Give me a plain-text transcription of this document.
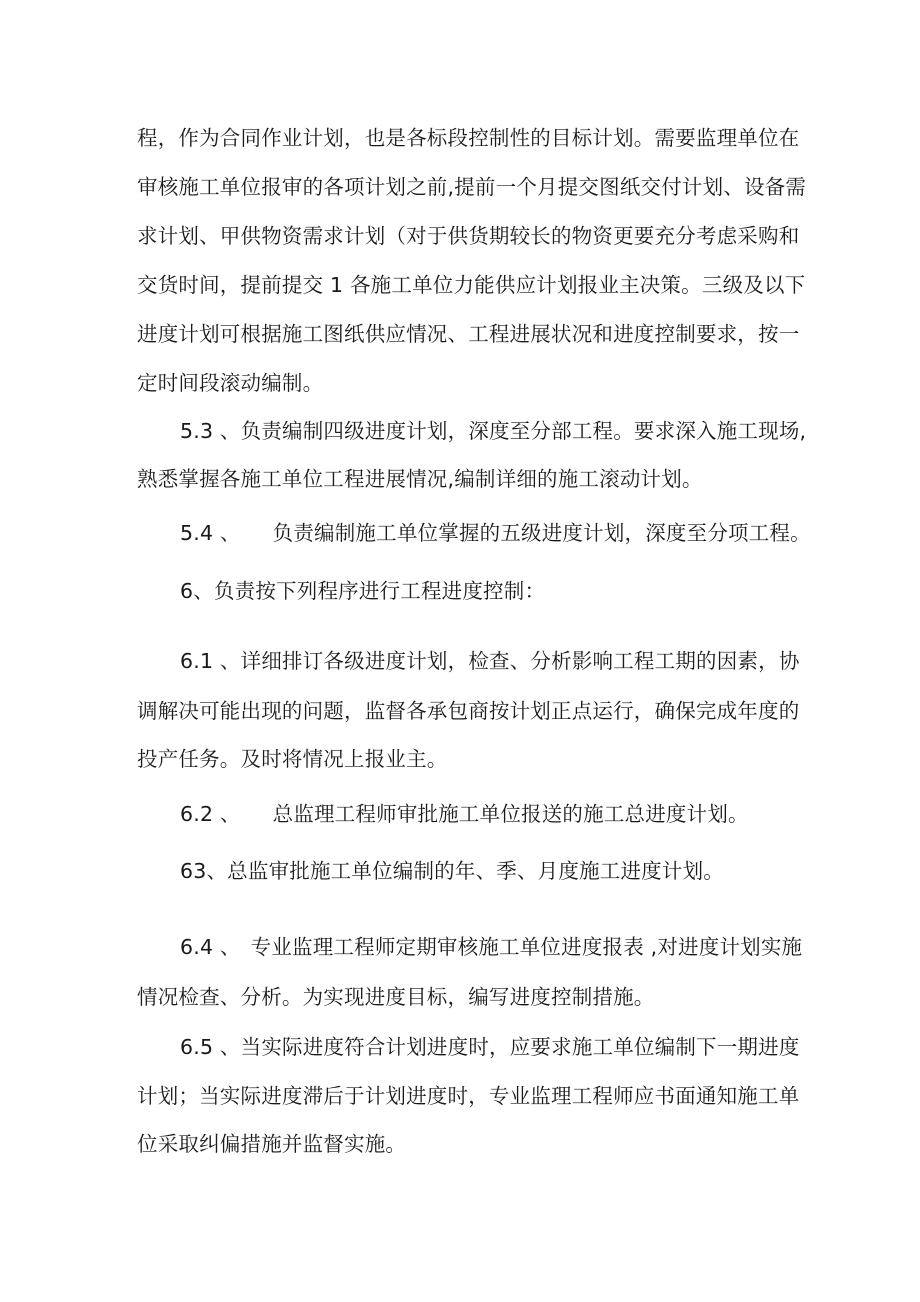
程，作为合同作业计划，也是各标段控制性的目标计划。需要监理单位在
审核施工单位报审的各项计划之前,提前一个月提交图纸交付计划、设备需
求计划、甲供物资需求计划（对于供货期较长的物资更要充分考虑采购和
交货时间，提前提交 1 各施工单位力能供应计划报业主决策。三级及以下
进度计划可根据施工图纸供应情况、工程进展状况和进度控制要求，按一
定时间段滚动编制。
5.3 、负责编制四级进度计划，深度至分部工程。要求深入施工现场,
熟悉掌握各施工单位工程进展情况,编制详细的施工滚动计划。
5.4 、 负责编制施工单位掌握的五级进度计划，深度至分项工程。
6、负责按下列程序进行工程进度控制：
6.1 、详细排订各级进度计划，检查、分析影响工程工期的因素，协
调解决可能出现的问题，监督各承包商按计划正点运行，确保完成年度的
投产任务。及时将情况上报业主。
6.2 、 总监理工程师审批施工单位报送的施工总进度计划。
63、总监审批施工单位编制的年、季、月度施工进度计划。
6.4 、 专业监理工程师定期审核施工单位进度报表 ,对进度计划实施
情况检查、分析。为实现进度目标，编写进度控制措施。
6.5 、当实际进度符合计划进度时，应要求施工单位编制下一期进度
计划；当实际进度滞后于计划进度时，专业监理工程师应书面通知施工单
位采取纠偏措施并监督实施。
